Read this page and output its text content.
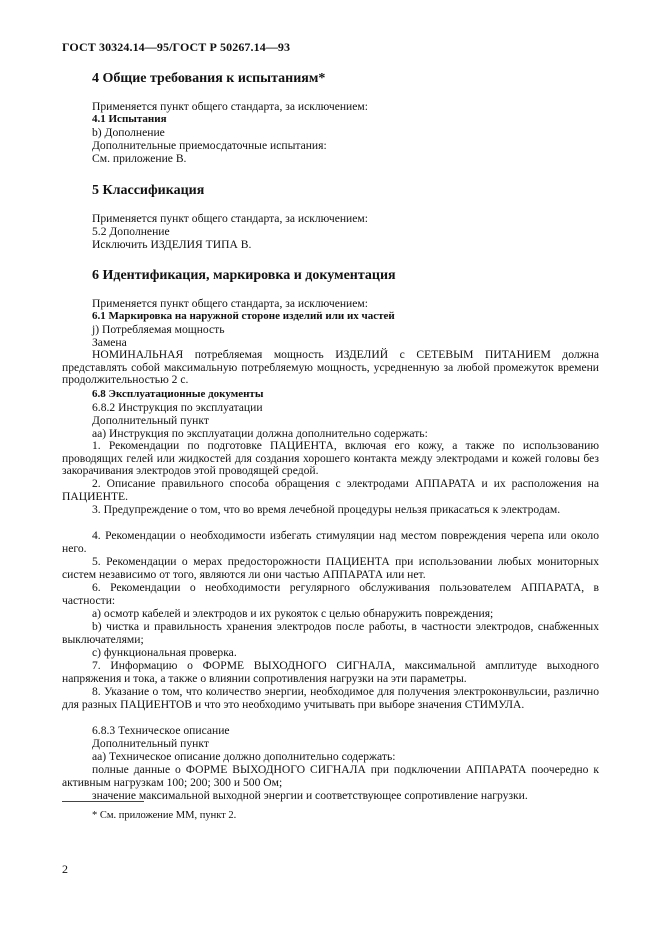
ГОСТ 30324.14—95/ГОСТ Р 50267.14—93
4 Общие требования к испытаниям*
Применяется пункт общего стандарта, за исключением:
4.1 Испытания
b) Дополнение
Дополнительные приемосдаточные испытания:
См. приложение В.
5 Классификация
Применяется пункт общего стандарта, за исключением:
5.2 Дополнение
Исключить ИЗДЕЛИЯ ТИПА В.
6 Идентификация, маркировка и документация
Применяется пункт общего стандарта, за исключением:
6.1 Маркировка на наружной стороне изделий или их частей
j) Потребляемая мощность
Замена
НОМИНАЛЬНАЯ потребляемая мощность ИЗДЕЛИЙ с СЕТЕВЫМ ПИТАНИЕМ должна представлять собой максимальную потребляемую мощность, усредненную за любой промежуток времени продолжительностью 2 с.
6.8 Эксплуатационные документы
6.8.2 Инструкция по эксплуатации
Дополнительный пункт
аа) Инструкция по эксплуатации должна дополнительно содержать:
1. Рекомендации по подготовке ПАЦИЕНТА, включая его кожу, а также по использованию проводящих гелей или жидкостей для создания хорошего контакта между электродами и кожей головы без закорачивания электродов этой проводящей средой.
2. Описание правильного способа обращения с электродами АППАРАТА и их расположения на ПАЦИЕНТЕ.
3. Предупреждение о том, что во время лечебной процедуры нельзя прикасаться к электродам.
4. Рекомендации о необходимости избегать стимуляции над местом повреждения черепа или около него.
5. Рекомендации о мерах предосторожности ПАЦИЕНТА при использовании любых мониторных систем независимо от того, являются ли они частью АППАРАТА или нет.
6. Рекомендации о необходимости регулярного обслуживания пользователем АППАРАТА, в частности:
a) осмотр кабелей и электродов и их рукояток с целью обнаружить повреждения;
b) чистка и правильность хранения электродов после работы, в частности электродов, снабженных выключателями;
c) функциональная проверка.
7. Информацию о ФОРМЕ ВЫХОДНОГО СИГНАЛА, максимальной амплитуде выходного напряжения и тока, а также о влиянии сопротивления нагрузки на эти параметры.
8. Указание о том, что количество энергии, необходимое для получения электроконвульсии, различно для разных ПАЦИЕНТОВ и что это необходимо учитывать при выборе значения СТИМУЛА.
6.8.3 Техническое описание
Дополнительный пункт
аа) Техническое описание должно дополнительно содержать:
полные данные о ФОРМЕ ВЫХОДНОГО СИГНАЛА при подключении АППАРАТА поочередно к активным нагрузкам 100; 200; 300 и 500 Ом;
значение максимальной выходной энергии и соответствующее сопротивление нагрузки.
* См. приложение ММ, пункт 2.
2
